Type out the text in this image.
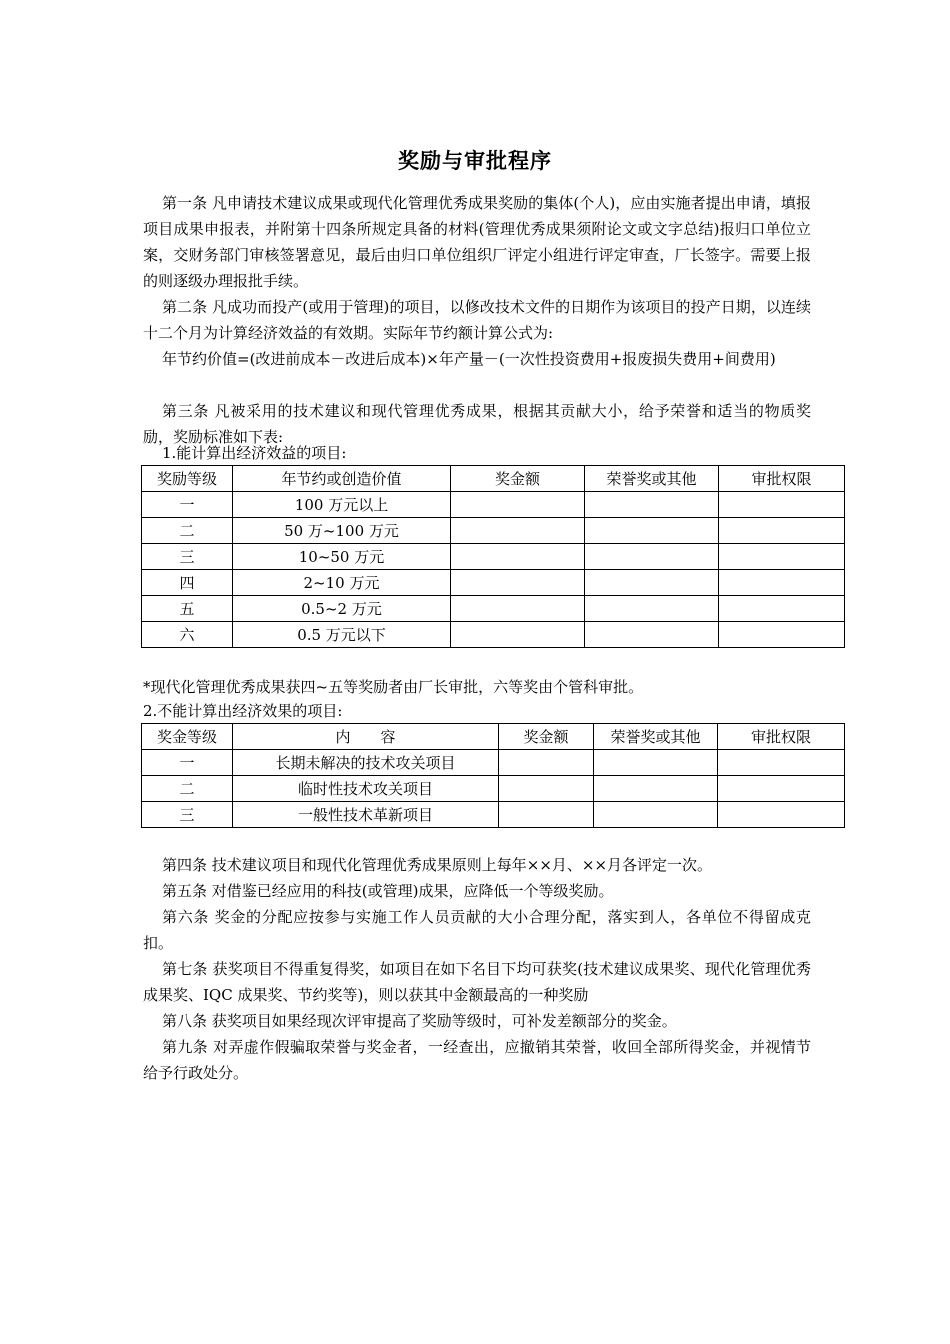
奖励与审批程序
第一条 凡申请技术建议成果或现代化管理优秀成果奖励的集体(个人)，应由实施者提出申请，填报项目成果申报表，并附第十四条所规定具备的材料(管理优秀成果须附论文或文字总结)报归口单位立案，交财务部门审核签署意见，最后由归口单位组织厂评定小组进行评定审查，厂长签字。需要上报的则逐级办理报批手续。
第二条 凡成功而投产(或用于管理)的项目，以修改技术文件的日期作为该项目的投产日期，以连续十二个月为计算经济效益的有效期。实际年节约额计算公式为:
年节约价值=(改进前成本－改进后成本)×年产量－(一次性投资费用+报废损失费用+间费用)
第三条 凡被采用的技术建议和现代管理优秀成果，根据其贡献大小，给予荣誉和适当的物质奖励，奖励标准如下表:
1.能计算出经济效益的项目:
奖励等级	年节约或创造价值	奖金额	荣誉奖或其他	审批权限
一	100 万元以上			
二	50 万~100 万元			
三	10~50 万元			
四	2~10 万元			
五	0.5~2 万元			
六	0.5 万元以下			
*现代化管理优秀成果获四~五等奖励者由厂长审批，六等奖由个管科审批。
2.不能计算出经济效果的项目:
奖金等级	内　　容	奖金额	荣誉奖或其他	审批权限
一	长期未解决的技术攻关项目			
二	临时性技术攻关项目			
三	一般性技术革新项目			
第四条 技术建议项目和现代化管理优秀成果原则上每年××月、××月各评定一次。
第五条 对借鉴已经应用的科技(或管理)成果，应降低一个等级奖励。
第六条 奖金的分配应按参与实施工作人员贡献的大小合理分配，落实到人，各单位不得留成克扣。
第七条 获奖项目不得重复得奖，如项目在如下名目下均可获奖(技术建议成果奖、现代化管理优秀成果奖、IQC 成果奖、节约奖等)，则以获其中金额最高的一种奖励
第八条 获奖项目如果经现次评审提高了奖励等级时，可补发差额部分的奖金。
第九条 对弄虚作假骗取荣誉与奖金者，一经查出，应撤销其荣誉，收回全部所得奖金，并视情节给予行政处分。
